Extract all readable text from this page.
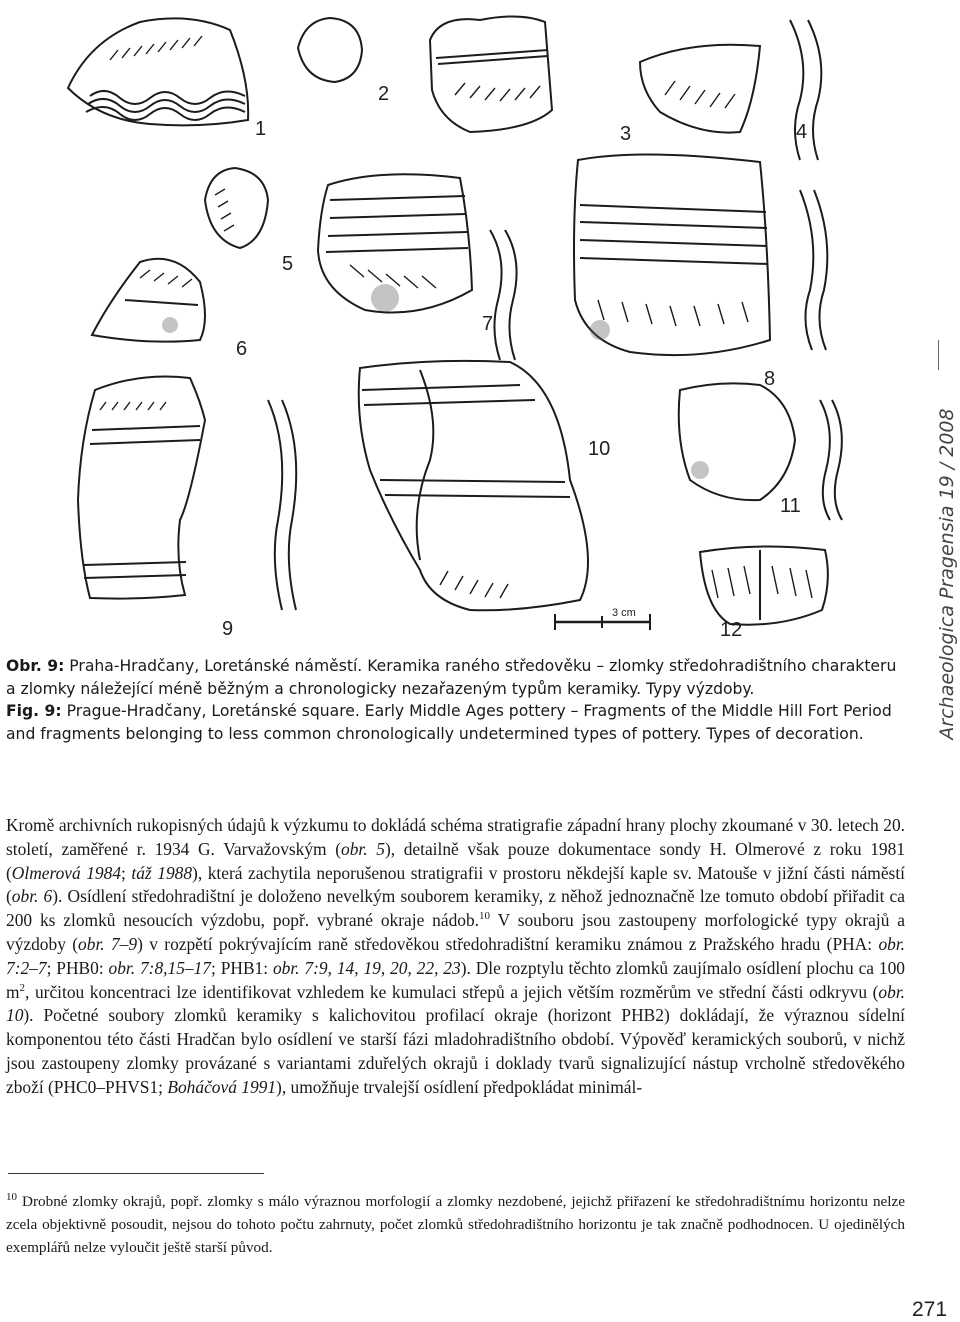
1
2
3	4
5
6
7
8
9
10
11
12
3 cm
Obr. 9: Praha-Hradčany, Loretánské náměstí. Keramika raného středověku – zlomky středohradištního charakteru a zlomky náležející méně běžným a chronologicky nezařazeným typům keramiky. Typy výzdoby.
Fig. 9: Prague-Hradčany, Loretánské square. Early Middle Ages pottery – Fragments of the Middle Hill Fort Period and fragments belonging to less common chronologically undetermined types of pottery. Types of decoration.
Kromě archivních rukopisných údajů k výzkumu to dokládá schéma stratigrafie západní hrany plochy zkoumané v 30. letech 20. století, zaměřené r. 1934 G. Varvažovským (obr. 5), detailně však pouze dokumentace sondy H. Olmerové z roku 1981 (Olmerová 1984; táž 1988), která zachytila neporušenou stratigrafii v prostoru někdejší kaple sv. Matouše v jižní části náměstí (obr. 6). Osídlení středohradištní je doloženo nevelkým souborem keramiky, z něhož jednoznačně lze tomuto období přiřadit ca 200 ks zlomků nesoucích výzdobu, popř. vybrané okraje nádob.$^{10}$ V souboru jsou zastoupeny morfologické typy okrajů a výzdoby (obr. 7–9) v rozpětí pokrývajícím raně středověkou středohradištní keramiku známou z Pražského hradu (PHA: obr. 7:2–7; PHB0: obr. 7:8,15–17; PHB1: obr. 7:9, 14, 19, 20, 22, 23). Dle rozptylu těchto zlomků zaujímalo osídlení plochu ca 100 $m^2$, určitou koncentraci lze identifikovat vzhledem ke kumulaci střepů a jejich větším rozměrům ve střední části odkryvu (obr. 10). Početné soubory zlomků keramiky s kalichovitou profilací okraje (horizont PHB2) dokládají, že výraznou sídelní komponentou této části Hradčan bylo osídlení ve starší fázi mladohradištního období. Výpověď keramických souborů, v nichž jsou zastoupeny zlomky provázané s variantami zduřelých okrajů i doklady tvarů signalizující nástup vrcholně středověkého zboží (PHC0–PHVS1; Boháčová 1991), umožňuje trvalejší osídlení předpokládat minimál-
$^{10}$ Drobné zlomky okrajů, popř. zlomky s málo výraznou morfologií a zlomky nezdobené, jejichž přiřazení ke středohradištnímu horizontu nelze zcela objektivně posoudit, nejsou do tohoto počtu zahrnuty, počet zlomků středohradištního horizontu je tak značně podhodnocen. U ojedinělých exemplářů nelze vyloučit ještě starší původ.
Archaeologica Pragensia 19 / 2008
271
